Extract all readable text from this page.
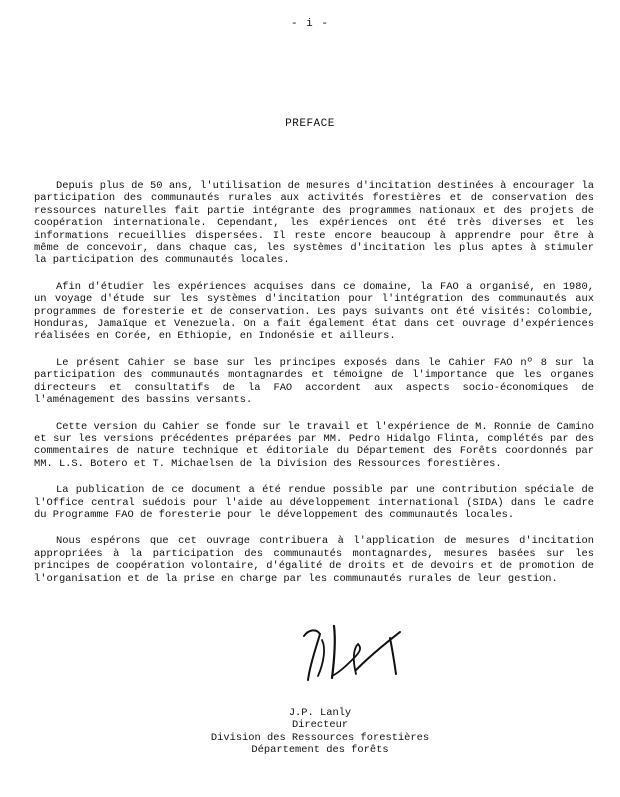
- i -
PREFACE

Depuis plus de 50 ans, l'utilisation de mesures d'incitation destinées à encourager la participation des communautés rurales aux activités forestières et de conservation des ressources naturelles fait partie intégrante des programmes nationaux et des projets de coopération internationale. Cependant, les expériences ont été très diverses et les informations recueillies dispersées. Il reste encore beaucoup à apprendre pour être à même de concevoir, dans chaque cas, les systèmes d'incitation les plus aptes à stimuler la participation des communautés locales.

Afin d'étudier les expériences acquises dans ce domaine, la FAO a organisé, en 1980, un voyage d'étude sur les systèmes d'incitation pour l'intégration des communautés aux programmes de foresterie et de conservation. Les pays suivants ont été visités: Colombie, Honduras, Jamaïque et Venezuela. On a fait également état dans cet ouvrage d'expériences réalisées en Corée, en Ethiopie, en Indonésie et ailleurs.

Le présent Cahier se base sur les principes exposés dans le Cahier FAO nº 8 sur la participation des communautés montagnardes et témoigne de l'importance que les organes directeurs et consultatifs de la FAO accordent aux aspects socio-économiques de l'aménagement des bassins versants.

Cette version du Cahier se fonde sur le travail et l'expérience de M. Ronnie de Camino et sur les versions précédentes préparées par MM. Pedro Hidalgo Flinta, complétés par des commentaires de nature technique et éditoriale du Département des Forêts coordonnés par MM. L.S. Botero et T. Michaelsen de la Division des Ressources forestières.

La publication de ce document a été rendue possible par une contribution spéciale de l'Office central suédois pour l'aide au développement international (SIDA) dans le cadre du Programme FAO de foresterie pour le développement des communautés locales.

Nous espérons que cet ouvrage contribuera à l'application de mesures d'incitation appropriées à la participation des communautés montagnardes, mesures basées sur les principes de coopération volontaire, d'égalité de droits et de devoirs et de promotion de l'organisation et de la prise en charge par les communautés rurales de leur gestion.

J.P. Lanly
Directeur
Division des Ressources forestières
Département des forêts
